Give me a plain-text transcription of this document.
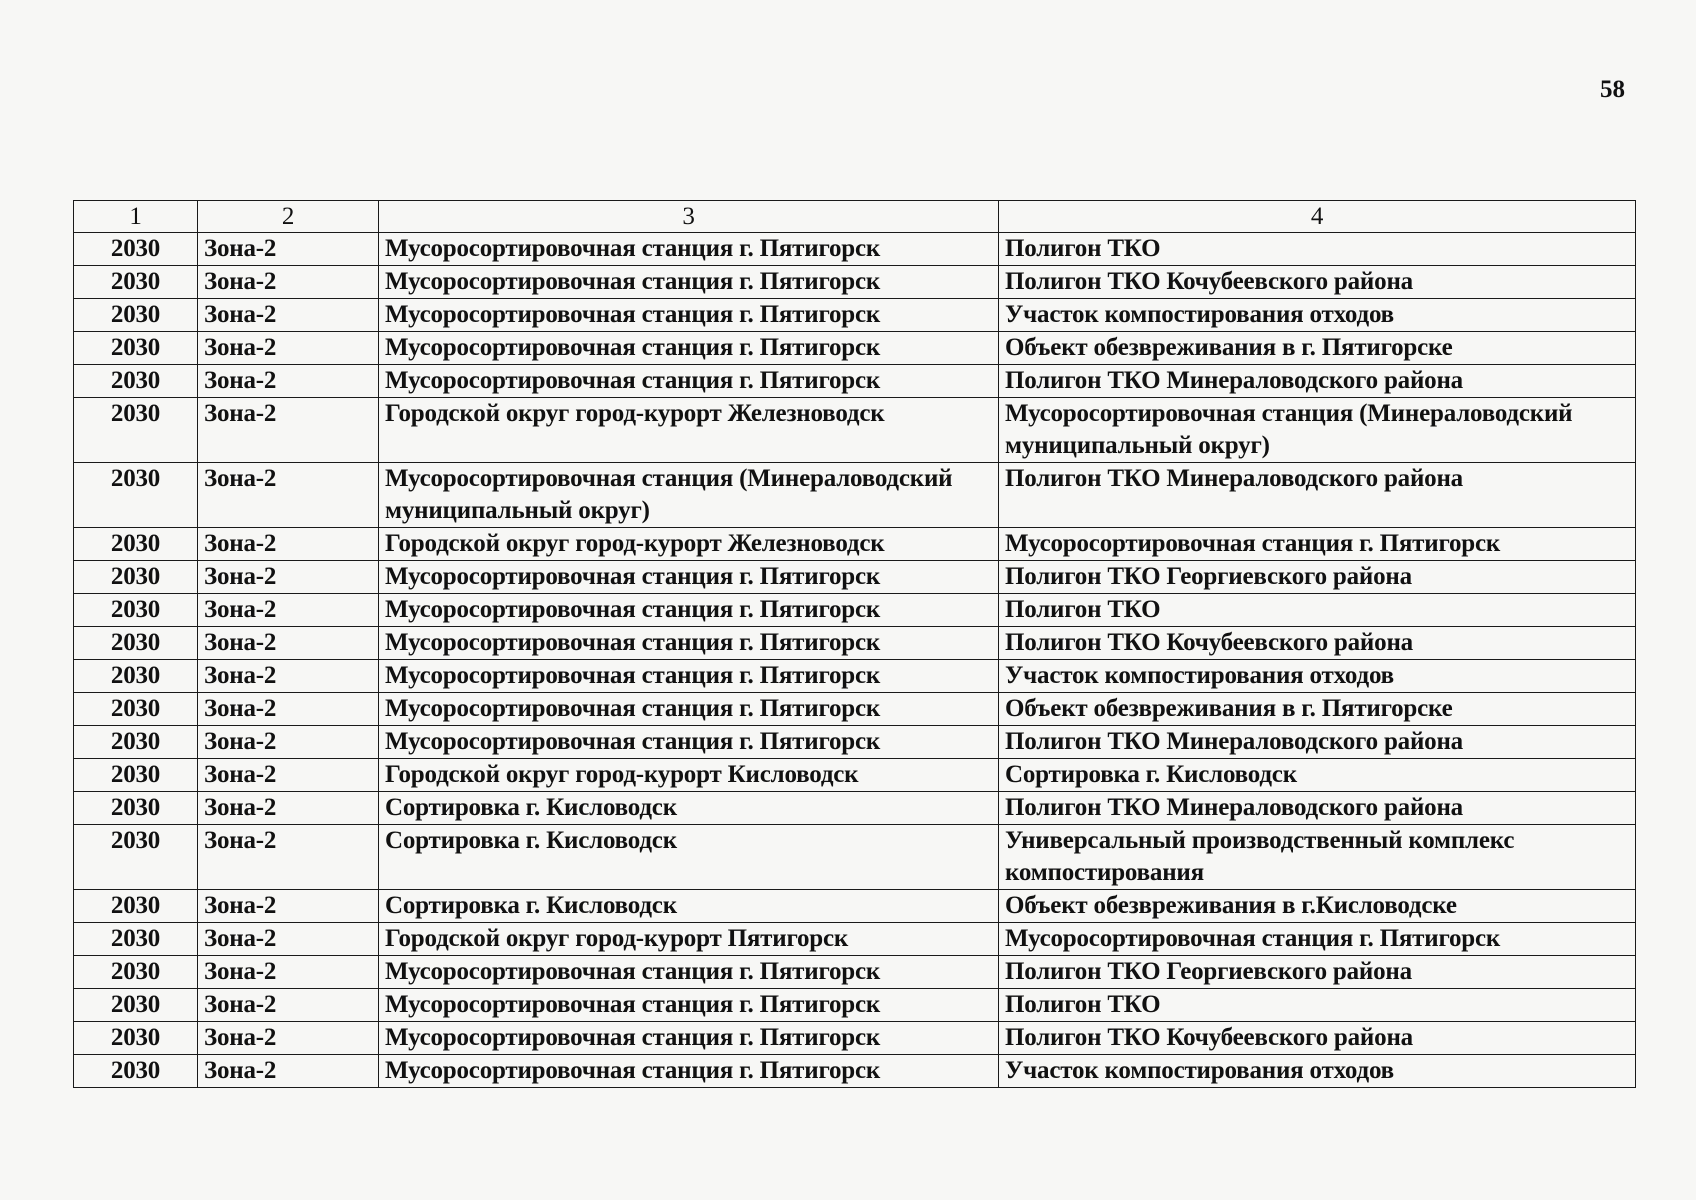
58
1	2	3	4
2030	Зона-2	Мусоросортировочная станция г. Пятигорск	Полигон ТКО
2030	Зона-2	Мусоросортировочная станция г. Пятигорск	Полигон ТКО Кочубеевского района
2030	Зона-2	Мусоросортировочная станция г. Пятигорск	Участок компостирования отходов
2030	Зона-2	Мусоросортировочная станция г. Пятигорск	Объект обезвреживания в г. Пятигорске
2030	Зона-2	Мусоросортировочная станция г. Пятигорск	Полигон ТКО Минераловодского района
2030	Зона-2	Городской округ город-курорт Железноводск	Мусоросортировочная станция (Минераловодский муниципальный округ)
2030	Зона-2	Мусоросортировочная станция (Минераловодский муниципальный округ)	Полигон ТКО Минераловодского района
2030	Зона-2	Городской округ город-курорт Железноводск	Мусоросортировочная станция г. Пятигорск
2030	Зона-2	Мусоросортировочная станция г. Пятигорск	Полигон ТКО Георгиевского района
2030	Зона-2	Мусоросортировочная станция г. Пятигорск	Полигон ТКО
2030	Зона-2	Мусоросортировочная станция г. Пятигорск	Полигон ТКО Кочубеевского района
2030	Зона-2	Мусоросортировочная станция г. Пятигорск	Участок компостирования отходов
2030	Зона-2	Мусоросортировочная станция г. Пятигорск	Объект обезвреживания в г. Пятигорске
2030	Зона-2	Мусоросортировочная станция г. Пятигорск	Полигон ТКО Минераловодского района
2030	Зона-2	Городской округ город-курорт Кисловодск	Сортировка г. Кисловодск
2030	Зона-2	Сортировка г. Кисловодск	Полигон ТКО Минераловодского района
2030	Зона-2	Сортировка г. Кисловодск	Универсальный производственный комплекс компостирования
2030	Зона-2	Сортировка г. Кисловодск	Объект обезвреживания в г.Кисловодске
2030	Зона-2	Городской округ город-курорт Пятигорск	Мусоросортировочная станция г. Пятигорск
2030	Зона-2	Мусоросортировочная станция г. Пятигорск	Полигон ТКО Георгиевского района
2030	Зона-2	Мусоросортировочная станция г. Пятигорск	Полигон ТКО
2030	Зона-2	Мусоросортировочная станция г. Пятигорск	Полигон ТКО Кочубеевского района
2030	Зона-2	Мусоросортировочная станция г. Пятигорск	Участок компостирования отходов
